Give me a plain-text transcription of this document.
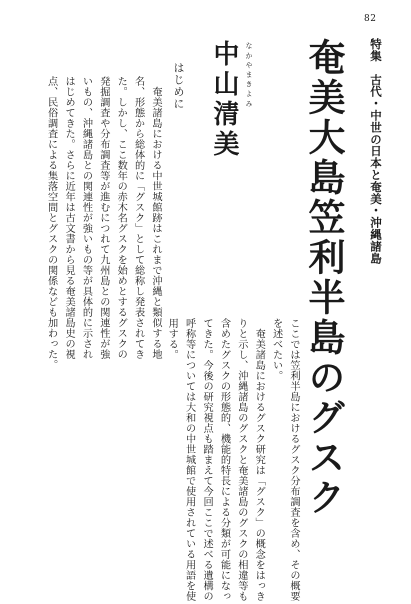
82
特集　古代・中世の日本と奄美・沖縄諸島
奄美大島笠利半島のグスク
なかやまきよみ
中山清美
はじめに
　奄美諸島における中世城館跡はこれまで沖縄と類似する地
名、形態から総体的に「グスク」として総称し発表されてき
た。しかし、ここ数年の赤木名グスクを始めとするグスクの
発掘調査や分布調査等が進むにつれて九州島との関連性が強
いもの、沖縄諸島との関連性が強いもの等が具体的に示され
はじめてきた。さらに近年は古文書から見る奄美諸島史の視
点、民俗調査による集落空間とグスクの関係なども加わった。
ここでは笠利半島におけるグスク分布調査を含め、その概要
を述べたい。
　奄美諸島におけるグスク研究は「グスク」の概念をはっき
りと示し、沖縄諸島のグスクと奄美諸島のグスクの相違等も
含めたグスクの形態的、機能的特長による分類が可能になっ
てきた。今後の研究視点も踏まえて今回ここで述べる遺構の
呼称等については大和の中世城館で使用されている用語を使
用する。
